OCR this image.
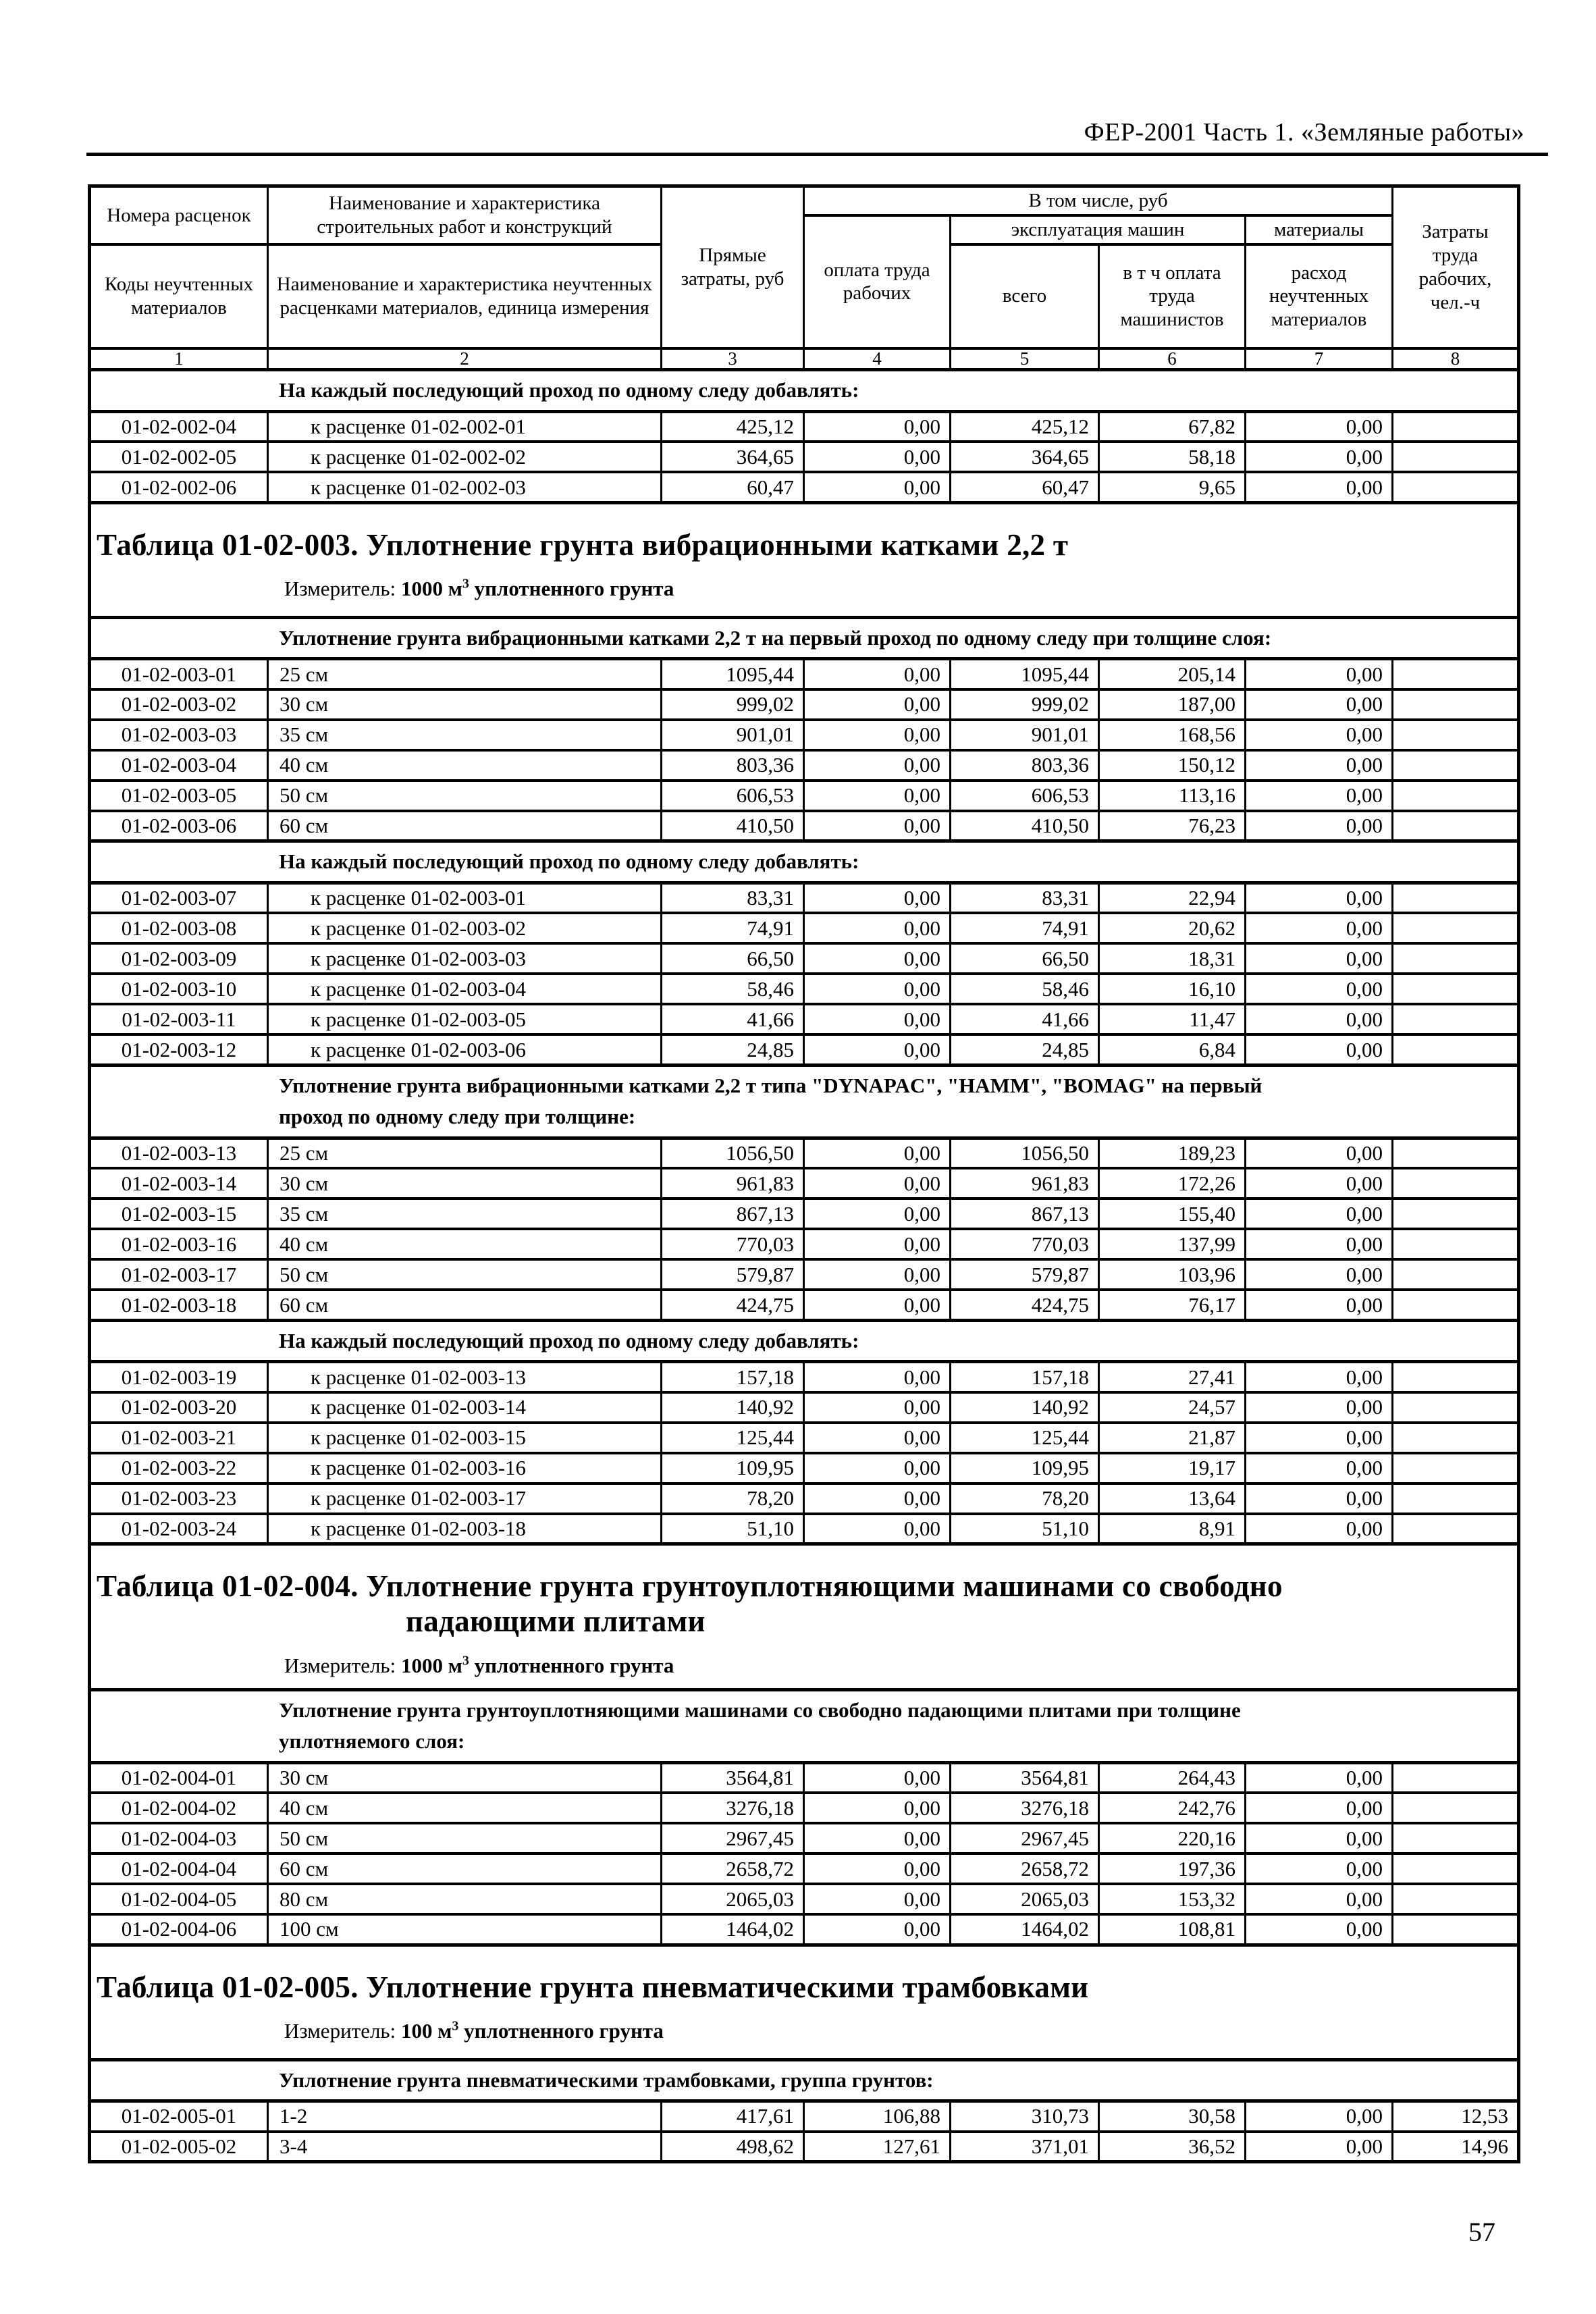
ФЕР-2001 Часть 1. «Земляные работы»
Номера расценок	Наименование и характеристика строительных работ и конструкций	Прямые затраты, руб	В том числе, руб				Затраты труда рабочих, чел.-ч
			оплата труда рабочих	эксплуатация машин		материалы	
Коды неучтенных материалов	Наименование и характеристика неучтенных расценками материалов, единица измерения			всего	в т ч оплата труда машинистов	расход неучтенных материалов	
1	2	3	4	5	6	7	8
На каждый последующий проход по одному следу добавлять:							
01-02-002-04	к расценке 01-02-002-01	425,12	0,00	425,12	67,82	0,00	
01-02-002-05	к расценке 01-02-002-02	364,65	0,00	364,65	58,18	0,00	
01-02-002-06	к расценке 01-02-002-03	60,47	0,00	60,47	9,65	0,00	

Таблица 01-02-003. Уплотнение грунта вибрационными катками 2,2 т
Измеритель: 1000 $м^3$ уплотненного грунта							

Уплотнение грунта вибрационными катками 2,2 т на первый проход по одному следу при толщине слоя:							
01-02-003-01	25 см	1095,44	0,00	1095,44	205,14	0,00	
01-02-003-02	30 см	999,02	0,00	999,02	187,00	0,00	
01-02-003-03	35 см	901,01	0,00	901,01	168,56	0,00	
01-02-003-04	40 см	803,36	0,00	803,36	150,12	0,00	
01-02-003-05	50 см	606,53	0,00	606,53	113,16	0,00	
01-02-003-06	60 см	410,50	0,00	410,50	76,23	0,00	
На каждый последующий проход по одному следу добавлять:							
01-02-003-07	к расценке 01-02-003-01	83,31	0,00	83,31	22,94	0,00	
01-02-003-08	к расценке 01-02-003-02	74,91	0,00	74,91	20,62	0,00	
01-02-003-09	к расценке 01-02-003-03	66,50	0,00	66,50	18,31	0,00	
01-02-003-10	к расценке 01-02-003-04	58,46	0,00	58,46	16,10	0,00	
01-02-003-11	к расценке 01-02-003-05	41,66	0,00	41,66	11,47	0,00	
01-02-003-12	к расценке 01-02-003-06	24,85	0,00	24,85	6,84	0,00	
Уплотнение грунта вибрационными катками 2,2 т типа "DYNAPAC", "HAMM", "BOMAG" на первый
проход по одному следу при толщине:							
01-02-003-13	25 см	1056,50	0,00	1056,50	189,23	0,00	
01-02-003-14	30 см	961,83	0,00	961,83	172,26	0,00	
01-02-003-15	35 см	867,13	0,00	867,13	155,40	0,00	
01-02-003-16	40 см	770,03	0,00	770,03	137,99	0,00	
01-02-003-17	50 см	579,87	0,00	579,87	103,96	0,00	
01-02-003-18	60 см	424,75	0,00	424,75	76,17	0,00	
На каждый последующий проход по одному следу добавлять:							
01-02-003-19	к расценке 01-02-003-13	157,18	0,00	157,18	27,41	0,00	
01-02-003-20	к расценке 01-02-003-14	140,92	0,00	140,92	24,57	0,00	
01-02-003-21	к расценке 01-02-003-15	125,44	0,00	125,44	21,87	0,00	
01-02-003-22	к расценке 01-02-003-16	109,95	0,00	109,95	19,17	0,00	
01-02-003-23	к расценке 01-02-003-17	78,20	0,00	78,20	13,64	0,00	
01-02-003-24	к расценке 01-02-003-18	51,10	0,00	51,10	8,91	0,00	

Таблица 01-02-004. Уплотнение грунта грунтоуплотняющими машинами со свободно
падающими плитами
Измеритель: 1000 $м^3$ уплотненного грунта							

Уплотнение грунта грунтоуплотняющими машинами со свободно падающими плитами при толщине
уплотняемого слоя:							
01-02-004-01	30 см	3564,81	0,00	3564,81	264,43	0,00	
01-02-004-02	40 см	3276,18	0,00	3276,18	242,76	0,00	
01-02-004-03	50 см	2967,45	0,00	2967,45	220,16	0,00	
01-02-004-04	60 см	2658,72	0,00	2658,72	197,36	0,00	
01-02-004-05	80 см	2065,03	0,00	2065,03	153,32	0,00	
01-02-004-06	100 см	1464,02	0,00	1464,02	108,81	0,00	

Таблица 01-02-005. Уплотнение грунта пневматическими трамбовками
Измеритель: 100 $м^3$ уплотненного грунта							

Уплотнение грунта пневматическими трамбовками, группа грунтов:							
01-02-005-01	1-2	417,61	106,88	310,73	30,58	0,00	12,53
01-02-005-02	3-4	498,62	127,61	371,01	36,52	0,00	14,96
57
